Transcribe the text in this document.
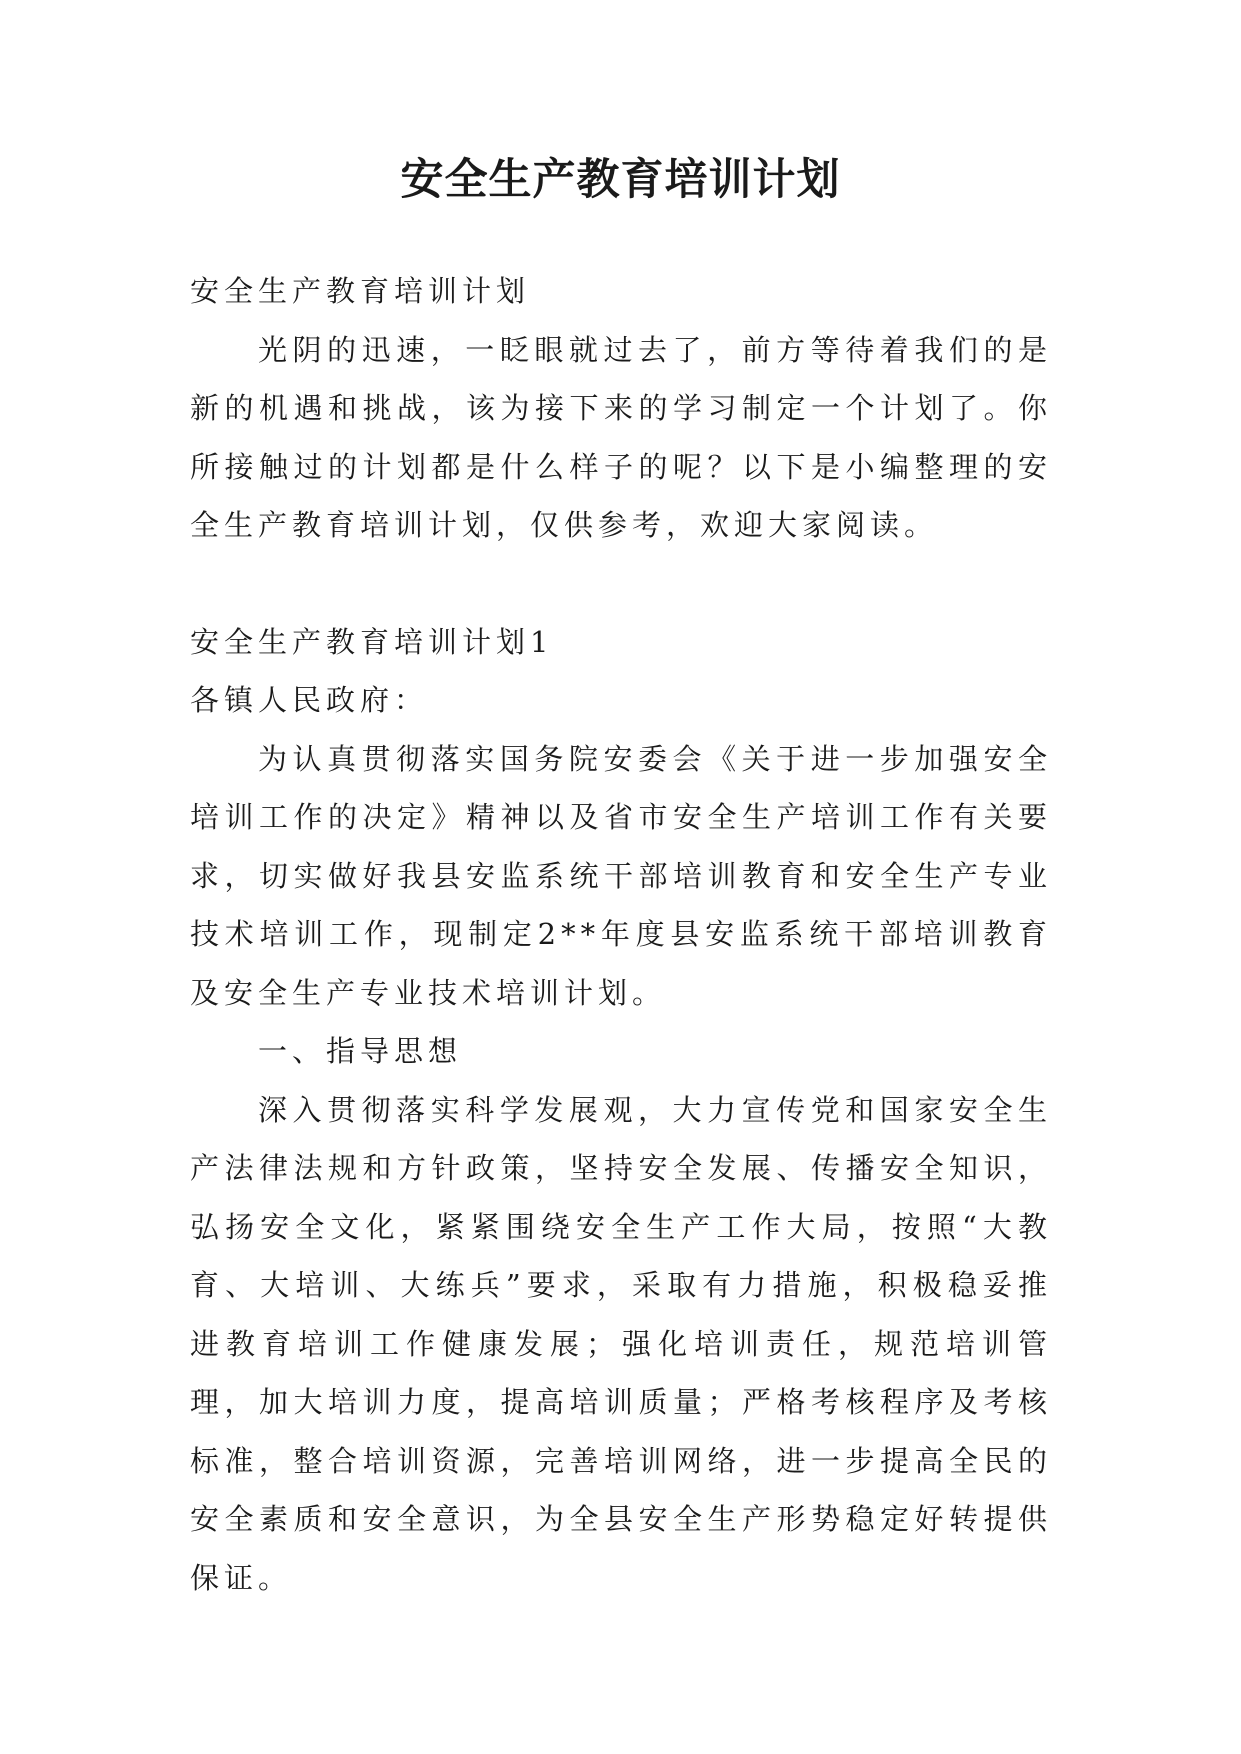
安全生产教育培训计划

安全生产教育培训计划

光阴的迅速，一眨眼就过去了，前方等待着我们的是新的机遇和挑战，该为接下来的学习制定一个计划了。你所接触过的计划都是什么样子的呢？以下是小编整理的安全生产教育培训计划，仅供参考，欢迎大家阅读。

安全生产教育培训计划1

各镇人民政府：

为认真贯彻落实国务院安委会《关于进一步加强安全培训工作的决定》精神以及省市安全生产培训工作有关要求，切实做好我县安监系统干部培训教育和安全生产专业技术培训工作，现制定2**年度县安监系统干部培训教育及安全生产专业技术培训计划。

一、指导思想

深入贯彻落实科学发展观，大力宣传党和国家安全生产法律法规和方针政策，坚持安全发展、传播安全知识，弘扬安全文化，紧紧围绕安全生产工作大局，按照“大教育、大培训、大练兵”要求，采取有力措施，积极稳妥推进教育培训工作健康发展；强化培训责任，规范培训管理，加大培训力度，提高培训质量；严格考核程序及考核标准，整合培训资源，完善培训网络，进一步提高全民的安全素质和安全意识，为全县安全生产形势稳定好转提供保证。
